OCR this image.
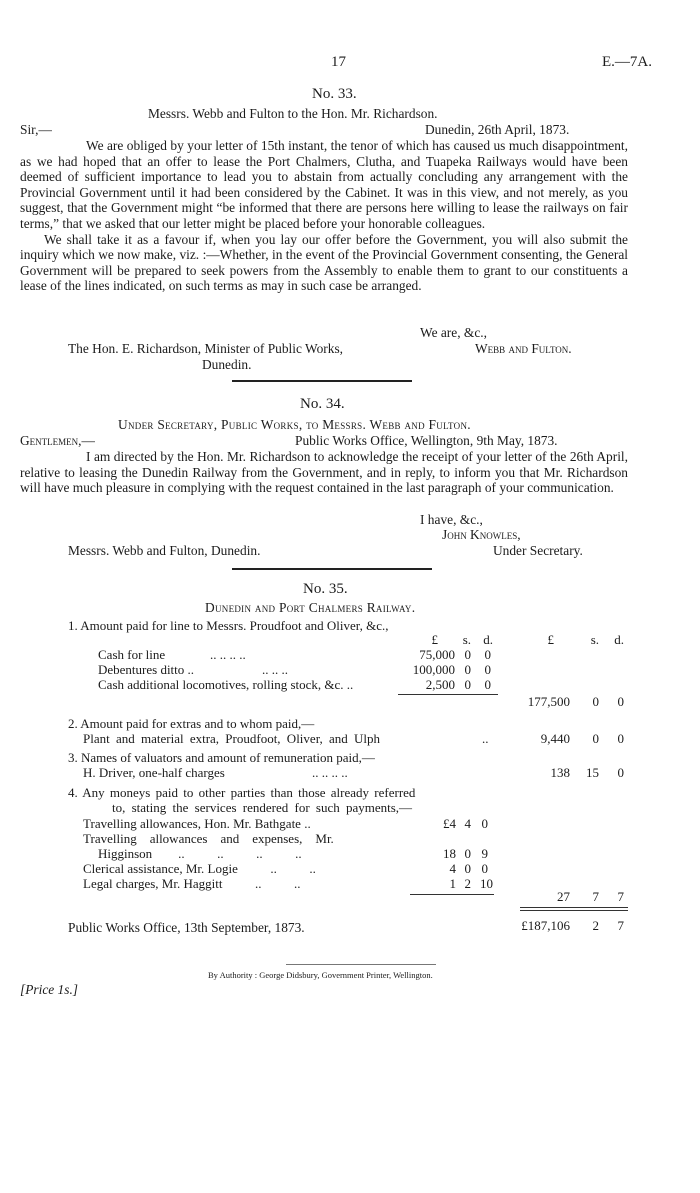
17	E.—7A.
No. 33.
Messrs. Webb and Fulton to the Hon. Mr. Richardson.
Sir,—	Dunedin, 26th April, 1873.

We are obliged by your letter of 15th instant, the tenor of which has caused us much disappointment, as we had hoped that an offer to lease the Port Chalmers, Clutha, and Tuapeka Railways would have been deemed of sufficient importance to lead you to abstain from actually concluding any arrangement with the Provincial Government until it had been considered by the Cabinet. It was in this view, and not merely, as you suggest, that the Government might “be informed that there are persons here willing to lease the railways on fair terms,” that we asked that our letter might be placed before your honorable colleagues.

We shall take it as a favour if, when you lay our offer before the Government, you will also submit the inquiry which we now make, viz. :—Whether, in the event of the Provincial Government consenting, the General Government will be prepared to seek powers from the Assembly to enable them to grant to our constituents a lease of the lines indicated, on such terms as may in such case be arranged.

We are, &c.,
Webb and Fulton.
The Hon. E. Richardson, Minister of Public Works,
Dunedin.
No. 34.
Under Secretary, Public Works, to Messrs. Webb and Fulton.
Gentlemen,—	Public Works Office, Wellington, 9th May, 1873.

I am directed by the Hon. Mr. Richardson to acknowledge the receipt of your letter of the 26th April, relative to leasing the Dunedin Railway from the Government, and in reply, to inform you that Mr. Richardson will have much pleasure in complying with the request contained in the last paragraph of your communication.

I have, &c.,
John Knowles,
Messrs. Webb and Fulton, Dunedin.	Under Secretary.
No. 35.
Dunedin and Port Chalmers Railway.
1. Amount paid for line to Messrs. Proudfoot and Oliver, &c.,
£	s. d.	£	s.	d.
Cash for line	.. .. .. ..	75,000 0	0
Debentures ditto ..	.. .. ..	100,000 0	0
Cash additional locomotives, rolling stock, &c. ..	2,500 0	0
177,500	0	0
2. Amount paid for extras and to whom paid,—
Plant and material extra, Proudfoot, Oliver, and Ulph	..	9,440	0	0
3. Names of valuators and amount of remuneration paid,—
H. Driver, one-half charges	.. .. .. ..	138 15	0
4. Any moneys paid to other parties than those already referred
to, stating the services rendered for such payments,—
Travelling allowances, Hon. Mr. Bathgate ..	£4 4 0
Travelling    allowances    and    expenses,    Mr.
Higginson        ..          ..          ..          ..	18 0 9
Clerical assistance, Mr. Logie          ..          ..	4 0 0
Legal charges, Mr. Haggitt          ..          ..	1 2 10
27	7	7
£187,106	2	7
Public Works Office, 13th September, 1873.
By Authority : George Didsbury, Government Printer, Wellington.
[Price 1s.]
